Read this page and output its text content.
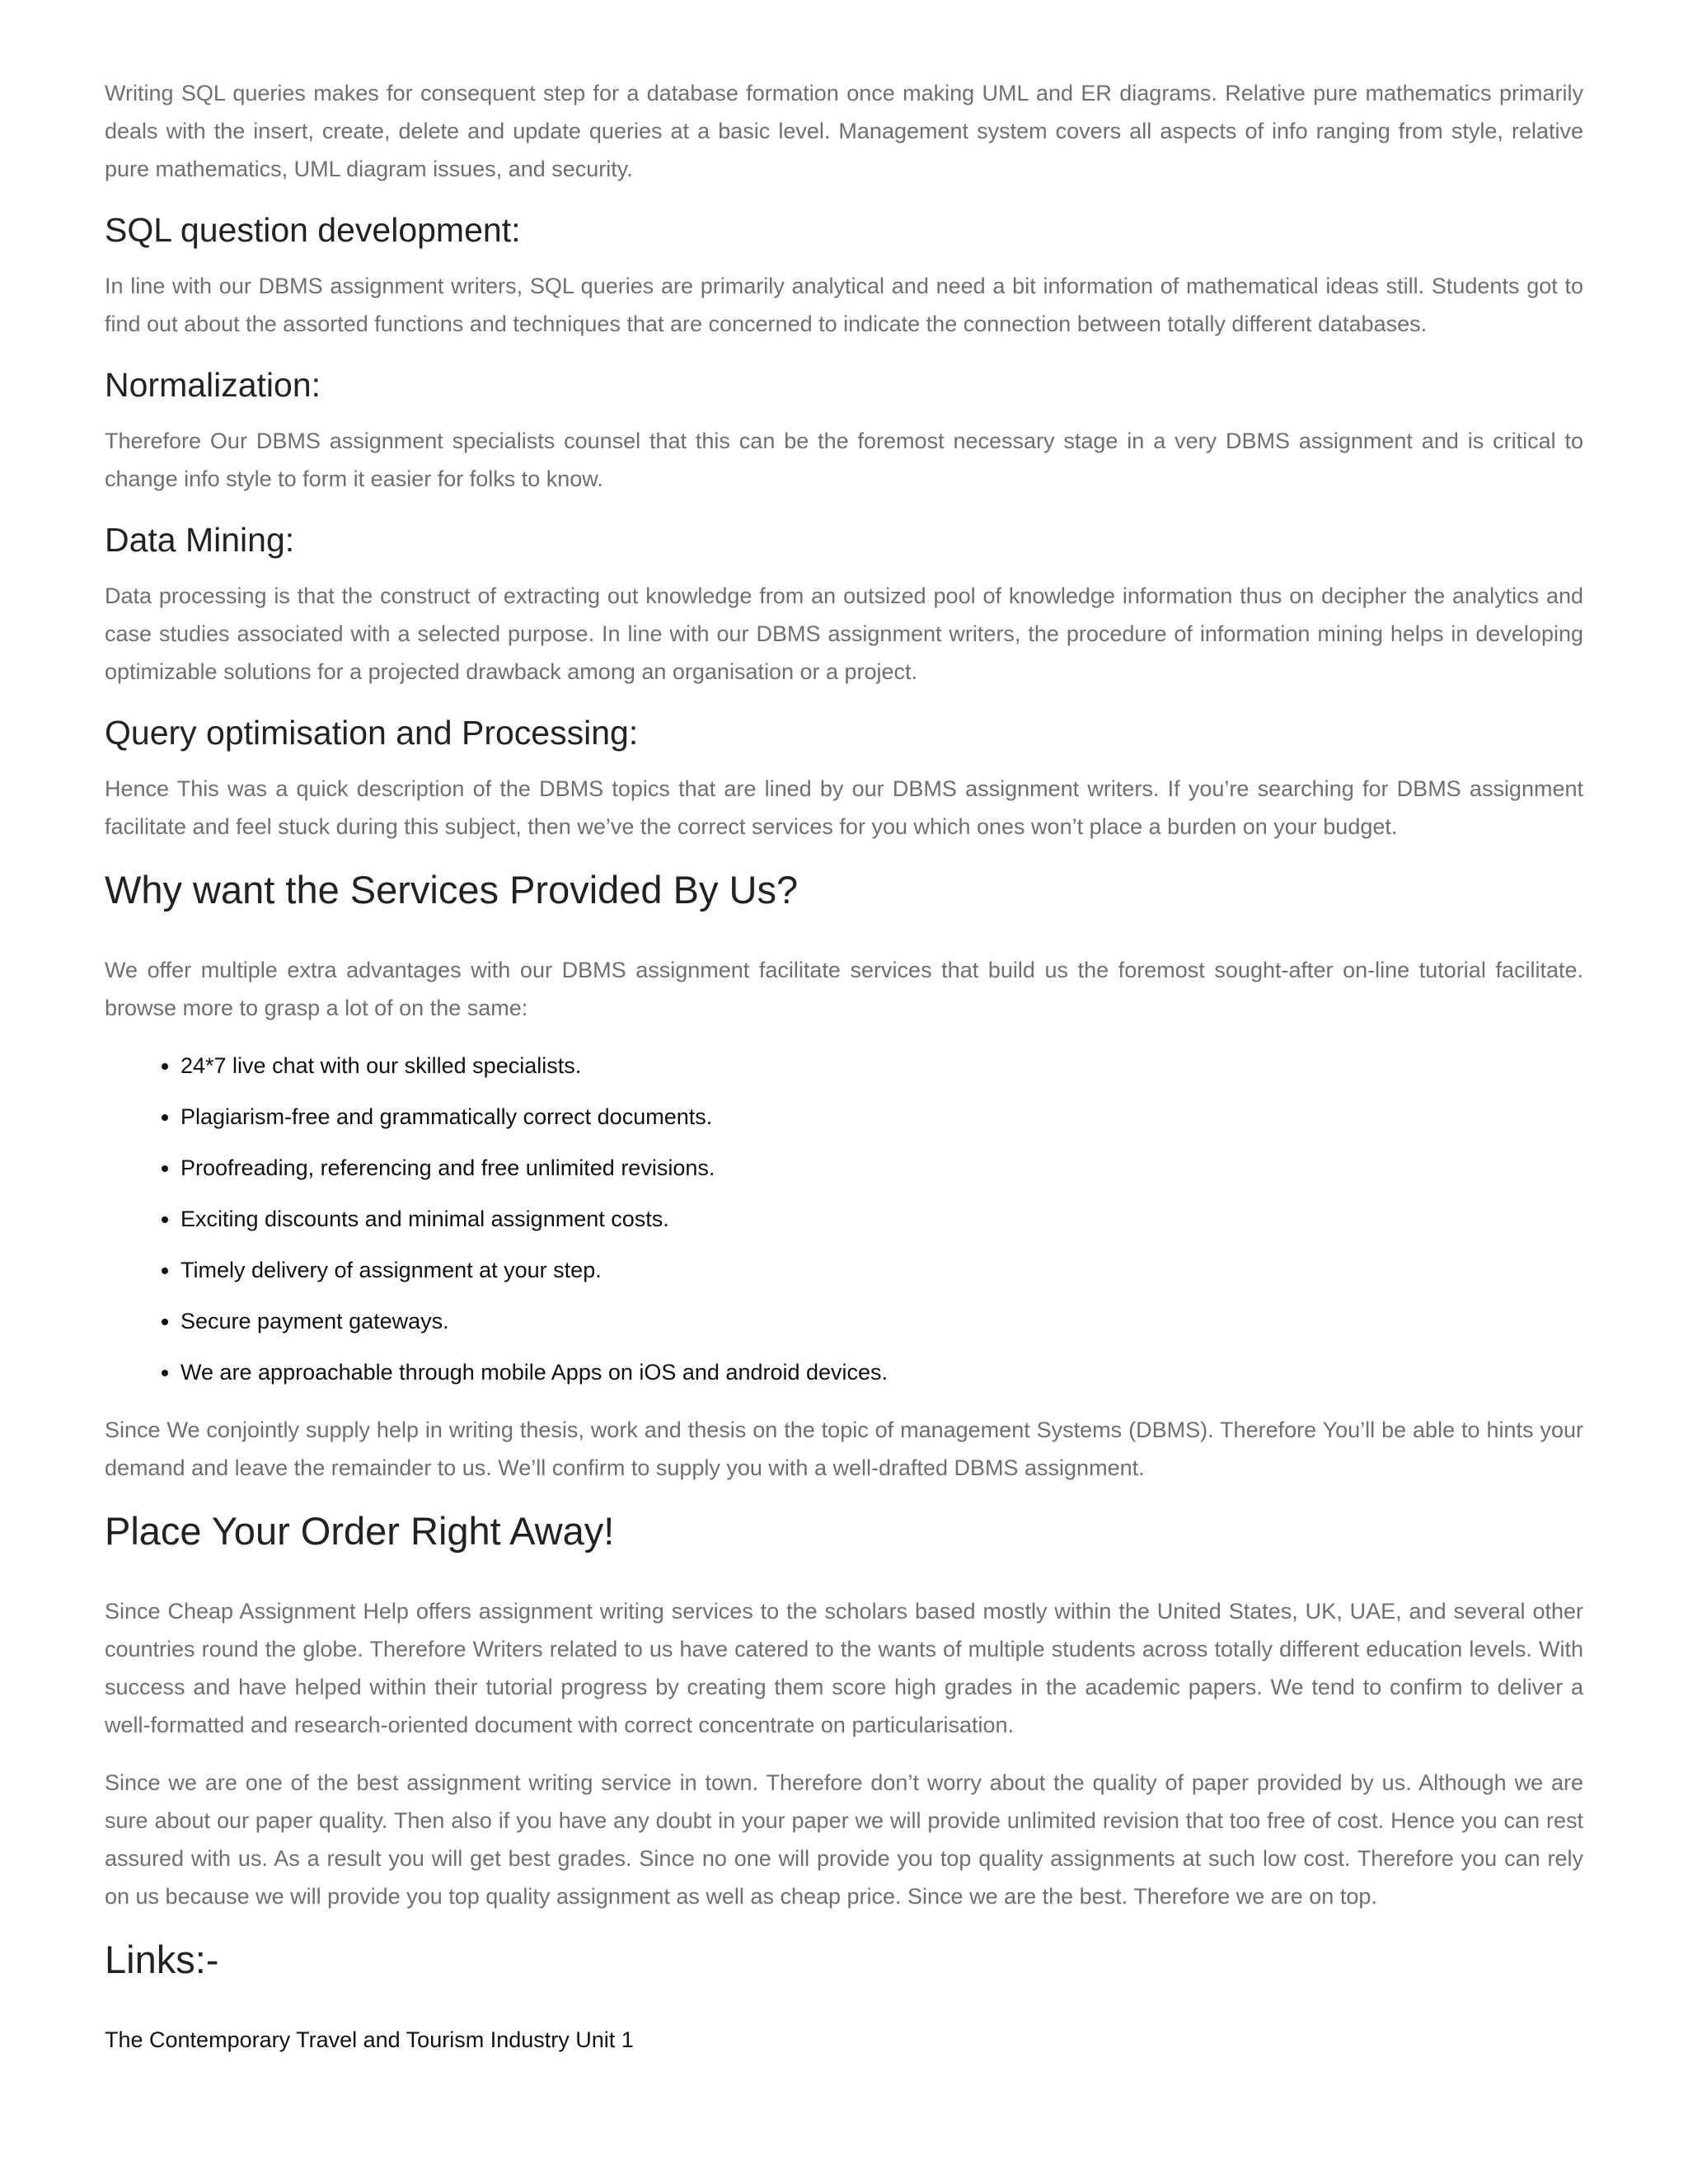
Writing SQL queries makes for consequent step for a database formation once making UML and ER diagrams. Relative pure mathematics primarily deals with the insert, create, delete and update queries at a basic level. Management system covers all aspects of info ranging from style, relative pure mathematics, UML diagram issues, and security.

SQL question development:

In line with our DBMS assignment writers, SQL queries are primarily analytical and need a bit information of mathematical ideas still. Students got to find out about the assorted functions and techniques that are concerned to indicate the connection between totally different databases.

Normalization:

Therefore Our DBMS assignment specialists counsel that this can be the foremost necessary stage in a very DBMS assignment and is critical to change info style to form it easier for folks to know.

Data Mining:

Data processing is that the construct of extracting out knowledge from an outsized pool of knowledge information thus on decipher the analytics and case studies associated with a selected purpose. In line with our DBMS assignment writers, the procedure of information mining helps in developing optimizable solutions for a projected drawback among an organisation or a project.

Query optimisation and Processing:

Hence This was a quick description of the DBMS topics that are lined by our DBMS assignment writers. If you’re searching for DBMS assignment facilitate and feel stuck during this subject, then we’ve the correct services for you which ones won’t place a burden on your budget.

Why want the Services Provided By Us?

We offer multiple extra advantages with our DBMS assignment facilitate services that build us the foremost sought-after on-line tutorial facilitate. browse more to grasp a lot of on the same:

• 24*7 live chat with our skilled specialists.
• Plagiarism-free and grammatically correct documents.
• Proofreading, referencing and free unlimited revisions.
• Exciting discounts and minimal assignment costs.
• Timely delivery of assignment at your step.
• Secure payment gateways.
• We are approachable through mobile Apps on iOS and android devices.

Since We conjointly supply help in writing thesis, work and thesis on the topic of management Systems (DBMS). Therefore You’ll be able to hints your demand and leave the remainder to us. We’ll confirm to supply you with a well-drafted DBMS assignment.

Place Your Order Right Away!

Since Cheap Assignment Help offers assignment writing services to the scholars based mostly within the United States, UK, UAE, and several other countries round the globe. Therefore Writers related to us have catered to the wants of multiple students across totally different education levels. With success and have helped within their tutorial progress by creating them score high grades in the academic papers. We tend to confirm to deliver a well-formatted and research-oriented document with correct concentrate on particularisation.

Since we are one of the best assignment writing service in town. Therefore don’t worry about the quality of paper provided by us. Although we are sure about our paper quality. Then also if you have any doubt in your paper we will provide unlimited revision that too free of cost. Hence you can rest assured with us. As a result you will get best grades. Since no one will provide you top quality assignments at such low cost. Therefore you can rely on us because we will provide you top quality assignment as well as cheap price. Since we are the best. Therefore we are on top.

Links:-
The Contemporary Travel and Tourism Industry Unit 1
